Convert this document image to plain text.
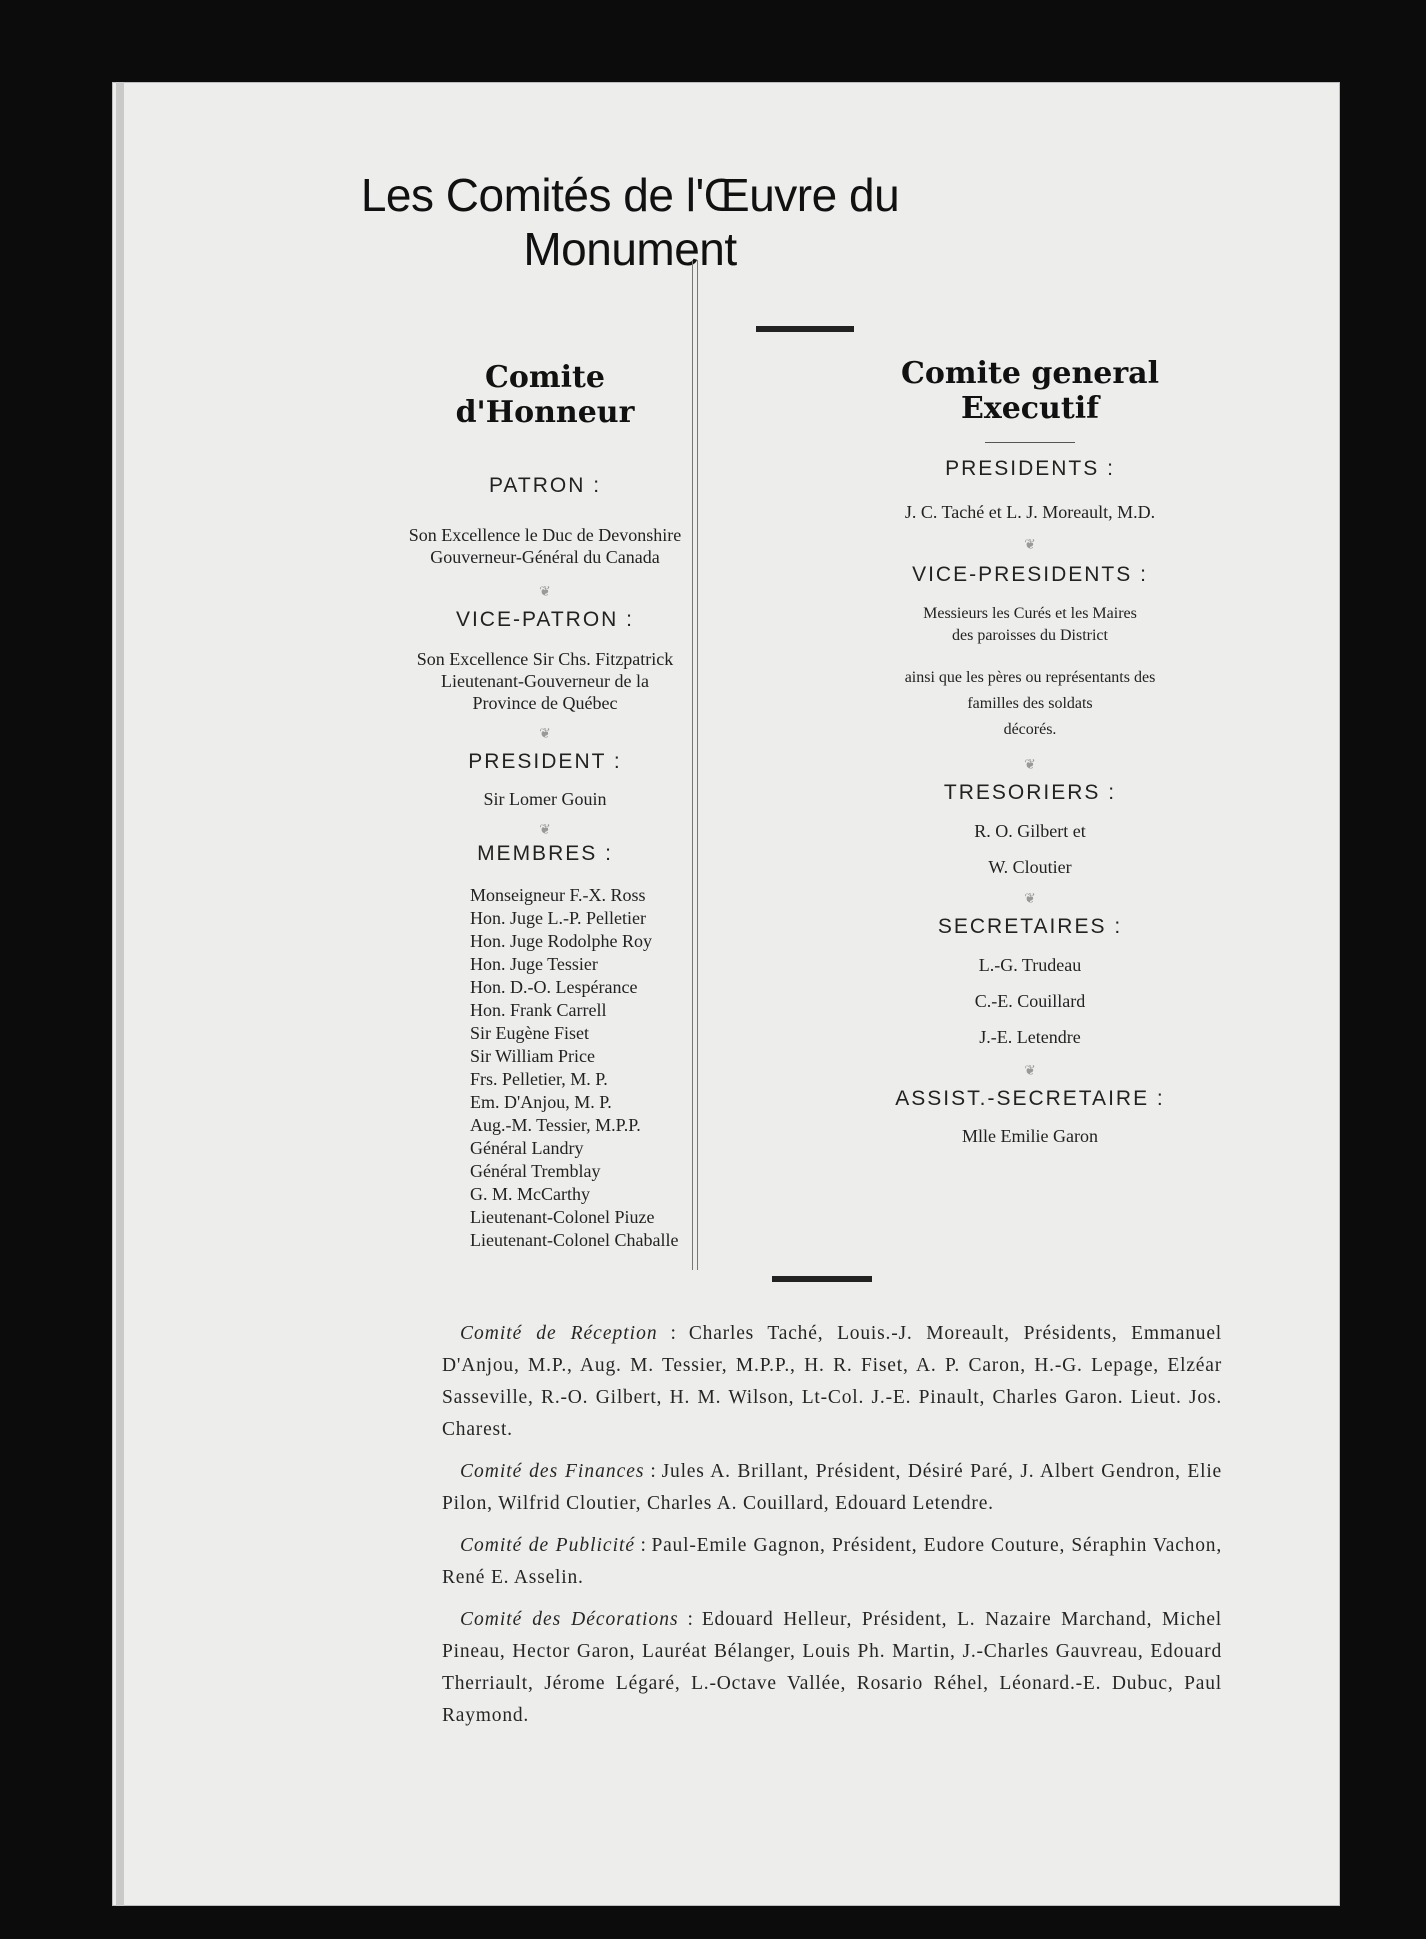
Les Comités de l'Œuvre du Monument
Comite d'Honneur
PATRON :
Son Excellence le Duc de Devonshire
Gouverneur-Général du Canada
❦
VICE-PATRON :
Son Excellence Sir Chs. Fitzpatrick
Lieutenant-Gouverneur de la
Province de Québec
❦
PRESIDENT :
Sir Lomer Gouin
❦
MEMBRES :
Monseigneur F.-X. Ross
Hon. Juge L.-P. Pelletier
Hon. Juge Rodolphe Roy
Hon. Juge Tessier
Hon. D.-O. Lespérance
Hon. Frank Carrell
Sir Eugène Fiset
Sir William Price
Frs. Pelletier, M. P.
Em. D'Anjou, M. P.
Aug.-M. Tessier, M.P.P.
Général Landry
Général Tremblay
G. M. McCarthy
Lieutenant-Colonel Piuze
Lieutenant-Colonel Chaballe
Comite general Executif
PRESIDENTS :
J. C. Taché et L. J. Moreault, M.D.
❦
VICE-PRESIDENTS :
Messieurs les Curés et les Maires
des paroisses du District
ainsi que les pères ou représentants des
familles des soldats
décorés.
❦
TRESORIERS :
R. O. Gilbert et
W. Cloutier
❦
SECRETAIRES :
L.-G. Trudeau
C.-E. Couillard
J.-E. Letendre
❦
ASSIST.-SECRETAIRE :
Mlle Emilie Garon

Comité de Réception : Charles Taché, Louis.-J. Moreault, Présidents, Emmanuel D'Anjou, M.P., Aug. M. Tessier, M.P.P., H. R. Fiset, A. P. Caron, H.-G. Lepage, Elzéar Sasseville, R.-O. Gilbert, H. M. Wilson, Lt-Col. J.-E. Pinault, Charles Garon. Lieut. Jos. Charest.

Comité des Finances : Jules A. Brillant, Président, Désiré Paré, J. Albert Gendron, Elie Pilon, Wilfrid Cloutier, Charles A. Couillard, Edouard Letendre.

Comité de Publicité : Paul-Emile Gagnon, Président, Eudore Couture, Séraphin Vachon, René E. Asselin.

Comité des Décorations : Edouard Helleur, Président, L. Nazaire Marchand, Michel Pineau, Hector Garon, Lauréat Bélanger, Louis Ph. Martin, J.-Charles Gauvreau, Edouard Therriault, Jérome Légaré, L.-Octave Vallée, Rosario Réhel, Léonard.-E. Dubuc, Paul Raymond.
